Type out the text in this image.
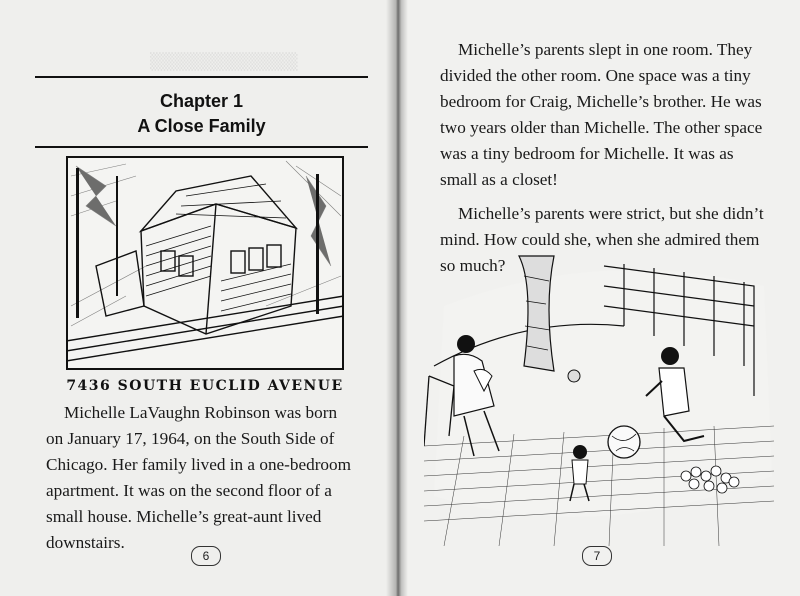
▒▒▒▒▒▒▒▒▒▒▒▒
Chapter 1
A Close Family
7436 SOUTH EUCLID AVENUE

Michelle LaVaughn Robinson was born on January 17, 1964, on the South Side of Chicago. Her family lived in a one-bedroom apartment. It was on the second floor of a small house. Michelle’s great-aunt lived downstairs.

6

Michelle’s parents slept in one room. They divided the other room. One space was a tiny bedroom for Craig, Michelle’s brother. He was two years older than Michelle. The other space was a tiny bedroom for Michelle. It was as small as a closet!

Michelle’s parents were strict, but she didn’t mind. How could she, when she admired them so much?

7
